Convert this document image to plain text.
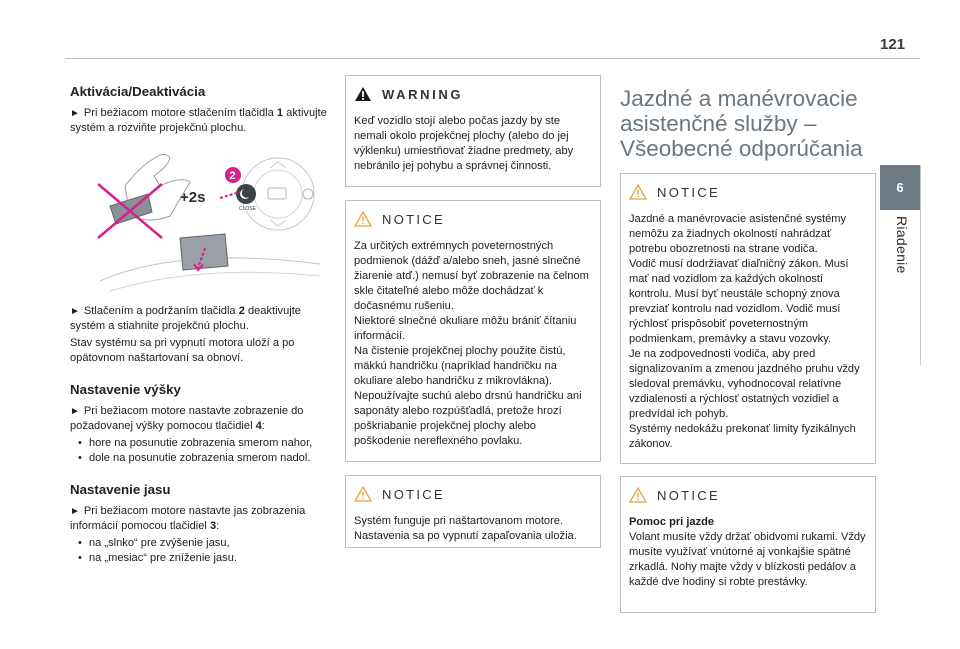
121
6
Riadenie
Aktivácia/Deaktivácia

► Pri bežiacom motore stlačením tlačidla 1 aktivujte systém a rozviňte projekčnú plochu.

CLOSE
2
+2s

► Stlačením a podržaním tlačidla 2 deaktivujte systém a stiahnite projekčnú plochu.

Stav systému sa pri vypnutí motora uloží a po opätovnom naštartovaní sa obnoví.

Nastavenie výšky

► Pri bežiacom motore nastavte zobrazenie do požadovanej výšky pomocou tlačidiel 4:

• hore na posunutie zobrazenia smerom nahor,
• dole na posunutie zobrazenia smerom nadol.
Nastavenie jasu

► Pri bežiacom motore nastavte jas zobrazenia informácií pomocou tlačidiel 3:

• na „slnko“ pre zvýšenie jasu,
• na „mesiac“ pre zníženie jasu.
WARNING

Keď vozidlo stojí alebo počas jazdy by ste nemali okolo projekčnej plochy (alebo do jej výklenku) umiestňovať žiadne predmety, aby nebránilo jej pohybu a správnej činnosti.

NOTICE

Za určitých extrémnych poveternostných podmienok (dážď a/alebo sneh, jasné slnečné žiarenie atď.) nemusí byť zobrazenie na čelnom skle čitateľné alebo môže dochádzať k dočasnému rušeniu.

Niektoré slnečné okuliare môžu brániť čítaniu informácií.

Na čistenie projekčnej plochy použite čistú, mäkkú handričku (napríklad handričku na okuliare alebo handričku z mikrovlákna). Nepoužívajte suchú alebo drsnú handričku ani saponáty alebo rozpúšťadlá, pretože hrozí poškriabanie projekčnej plochy alebo poškodenie nereflexného povlaku.

NOTICE

Systém funguje pri naštartovanom motore.

Nastavenia sa po vypnutí zapaľovania uložia.

Jazdné a manévrovacie
asistenčné služby –
Všeobecné odporúčania
NOTICE

Jazdné a manévrovacie asistenčné systémy nemôžu za žiadnych okolností nahrádzať potrebu obozretnosti na strane vodiča.

Vodič musí dodržiavať diaľničný zákon. Musí mať nad vozidlom za každých okolností kontrolu. Musí byť neustále schopný znova prevziať kontrolu nad vozidlom. Vodič musí rýchlosť prispôsobiť poveternostným podmienkam, premávky a stavu vozovky.

Je na zodpovednosti vodiča, aby pred signalizovaním a zmenou jazdného pruhu vždy sledoval premávku, vyhodnocoval relatívne vzdialenosti a rýchlosť ostatných vozidiel a predvídal ich pohyb.

Systémy nedokážu prekonať limity fyzikálnych zákonov.

NOTICE

Pomoc pri jazde

Volant musíte vždy držať obidvomi rukami. Vždy musíte využívať vnútorné aj vonkajšie spätné zrkadlá. Nohy majte vždy v blízkosti pedálov a každé dve hodiny si robte prestávky.
